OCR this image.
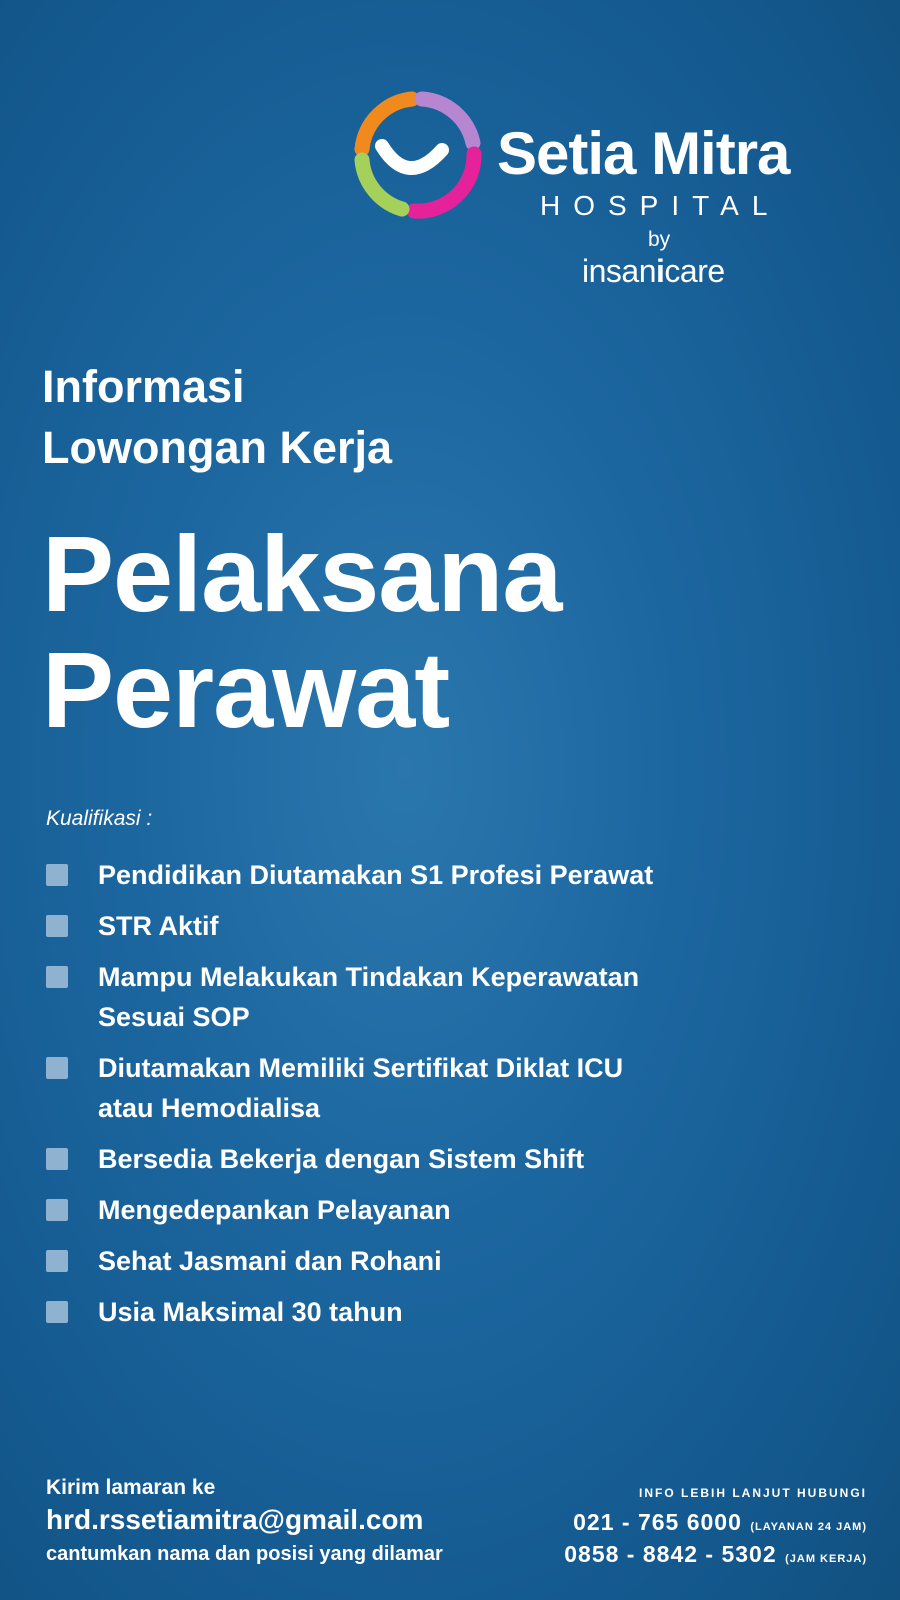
Setia Mitra
HOSPITAL
by
insanicare
Informasi
Lowongan Kerja
Pelaksana
Perawat
Kualifikasi :
Pendidikan Diutamakan S1 Profesi Perawat
STR Aktif
Mampu Melakukan Tindakan Keperawatan
Sesuai SOP
Diutamakan Memiliki Sertifikat Diklat ICU
atau Hemodialisa
Bersedia Bekerja dengan Sistem Shift
Mengedepankan Pelayanan
Sehat Jasmani dan Rohani
Usia Maksimal 30 tahun
Kirim lamaran ke
hrd.rssetiamitra@gmail.com
cantumkan nama dan posisi yang dilamar
INFO LEBIH LANJUT HUBUNGI
021 - 765 6000 (LAYANAN 24 JAM)
0858 - 8842 - 5302 (JAM KERJA)
